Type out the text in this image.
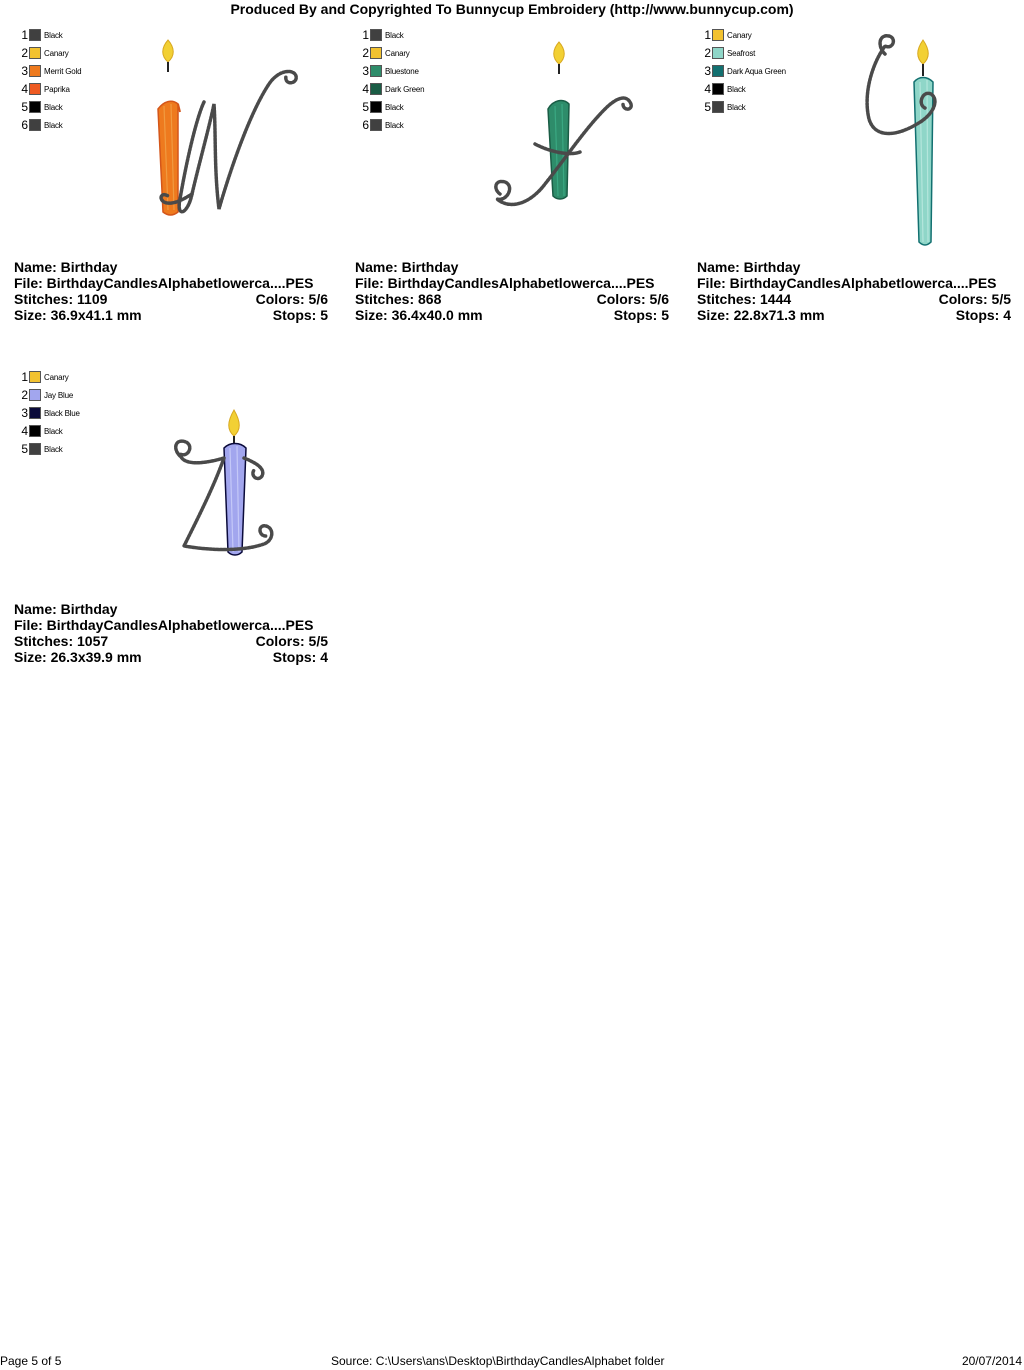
Produced By and Copyrighted To Bunnycup Embroidery (http://www.bunnycup.com)
1 Black
2 Canary
3 Merrit Gold
4 Paprika
5 Black
6 Black
Name: Birthday
File: BirthdayCandlesAlphabetlowerca....PES
Stitches: 1109	Colors: 5/6
Size: 36.9x41.1 mm	Stops: 5
1 Black
2 Canary
3 Bluestone
4 Dark Green
5 Black
6 Black
Name: Birthday
File: BirthdayCandlesAlphabetlowerca....PES
Stitches: 868	Colors: 5/6
Size: 36.4x40.0 mm	Stops: 5
1 Canary
2 Seafrost
3 Dark Aqua Green
4 Black
5 Black
Name: Birthday
File: BirthdayCandlesAlphabetlowerca....PES
Stitches: 1444	Colors: 5/5
Size: 22.8x71.3 mm	Stops: 4
1 Canary
2 Jay Blue
3 Black Blue
4 Black
5 Black
Name: Birthday
File: BirthdayCandlesAlphabetlowerca....PES
Stitches: 1057	Colors: 5/5
Size: 26.3x39.9 mm	Stops: 4
Page 5 of 5	Source: C:\Users\ans\Desktop\BirthdayCandlesAlphabet folder	20/07/2014
